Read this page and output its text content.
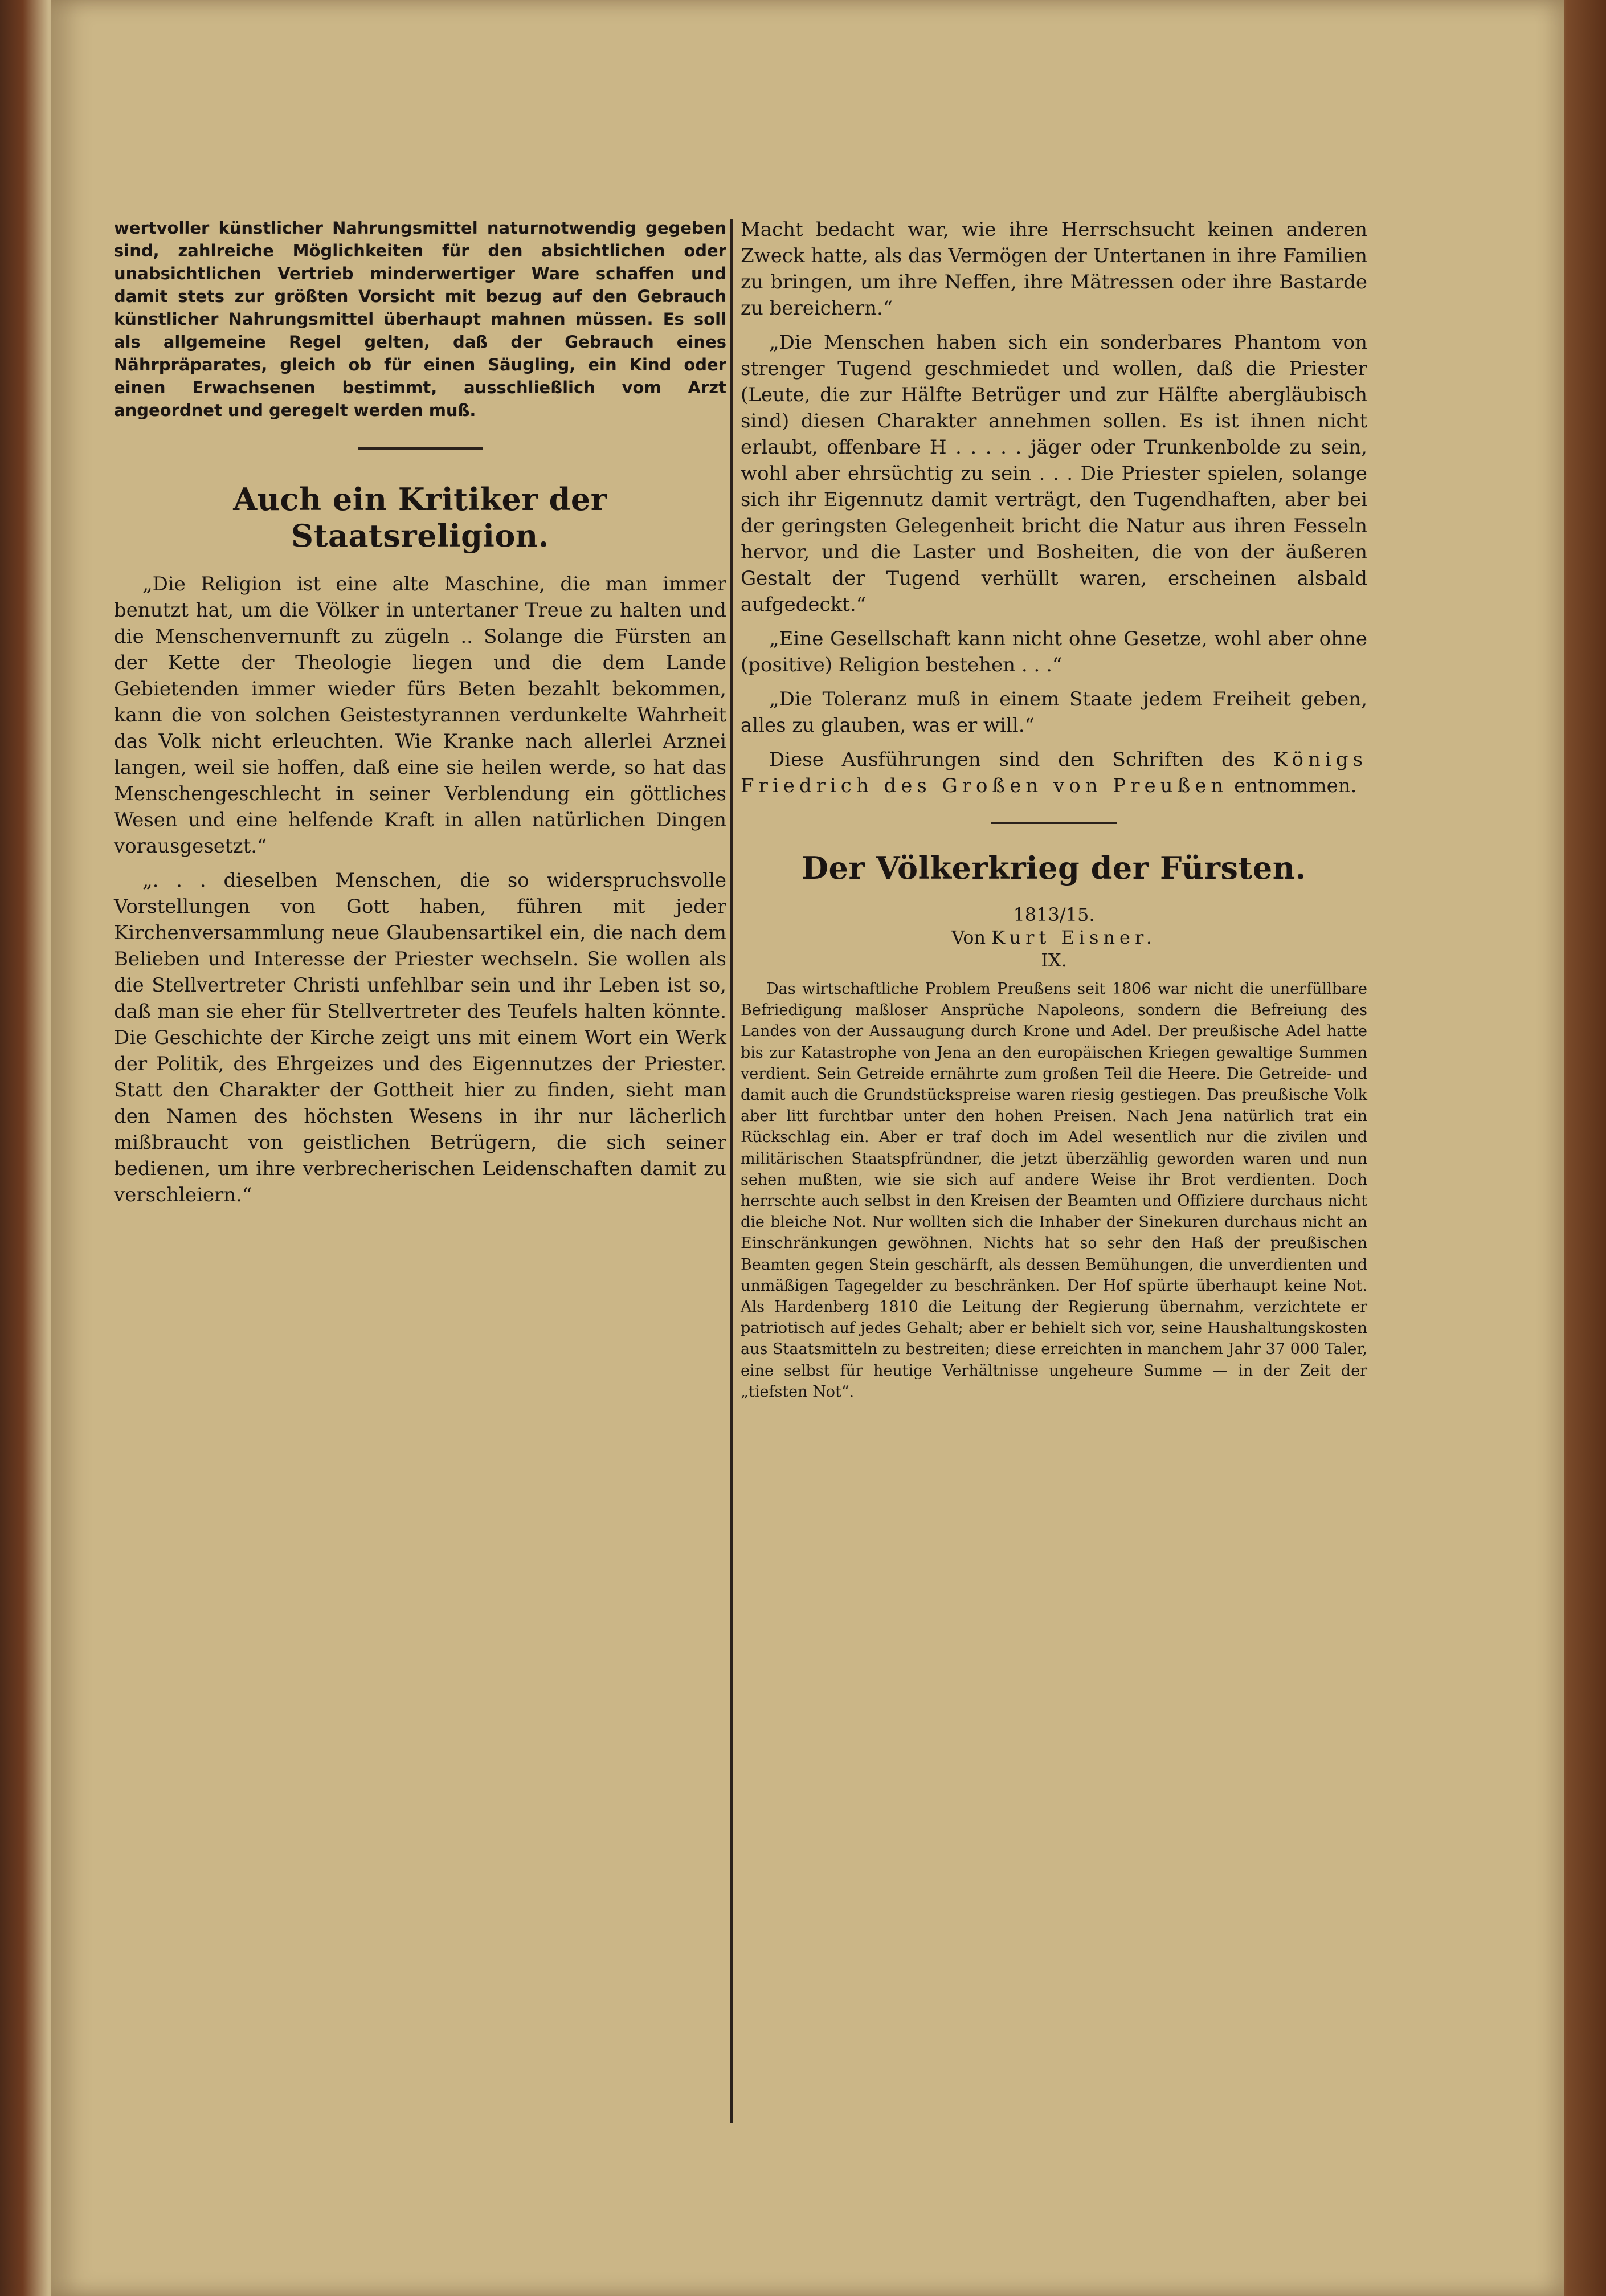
wertvoller künstlicher Nahrungsmittel naturnotwendig gegeben sind, zahlreiche Möglichkeiten für den absichtlichen oder unabsichtlichen Vertrieb minderwertiger Ware schaffen und damit stets zur größten Vorsicht mit bezug auf den Gebrauch künstlicher Nahrungsmittel überhaupt mahnen müssen. Es soll als allgemeine Regel gelten, daß der Gebrauch eines Nährpräparates, gleich ob für einen Säugling, ein Kind oder einen Erwachsenen bestimmt, ausschließlich vom Arzt angeordnet und geregelt werden muß.

Auch ein Kritiker der Staatsreligion.

„Die Religion ist eine alte Maschine, die man immer benutzt hat, um die Völker in untertaner Treue zu halten und die Menschenvernunft zu zügeln .. Solange die Fürsten an der Kette der Theologie liegen und die dem Lande Gebietenden immer wieder fürs Beten bezahlt bekommen, kann die von solchen Geistestyrannen verdunkelte Wahrheit das Volk nicht erleuchten. Wie Kranke nach allerlei Arznei langen, weil sie hoffen, daß eine sie heilen werde, so hat das Menschengeschlecht in seiner Verblendung ein göttliches Wesen und eine helfende Kraft in allen natürlichen Dingen vorausgesetzt.“

„. . . dieselben Menschen, die so widerspruchsvolle Vorstellungen von Gott haben, führen mit jeder Kirchenversammlung neue Glaubensartikel ein, die nach dem Belieben und Interesse der Priester wechseln. Sie wollen als die Stellvertreter Christi unfehlbar sein und ihr Leben ist so, daß man sie eher für Stellvertreter des Teufels halten könnte. Die Geschichte der Kirche zeigt uns mit einem Wort ein Werk der Politik, des Ehrgeizes und des Eigennutzes der Priester. Statt den Charakter der Gottheit hier zu finden, sieht man den Namen des höchsten Wesens in ihr nur lächerlich mißbraucht von geistlichen Betrügern, die sich seiner bedienen, um ihre verbrecherischen Leidenschaften damit zu verschleiern.“

Macht bedacht war, wie ihre Herrschsucht keinen anderen Zweck hatte, als das Vermögen der Untertanen in ihre Familien zu bringen, um ihre Neffen, ihre Mätressen oder ihre Bastarde zu bereichern.“

„Die Menschen haben sich ein sonderbares Phantom von strenger Tugend geschmiedet und wollen, daß die Priester (Leute, die zur Hälfte Betrüger und zur Hälfte abergläubisch sind) diesen Charakter annehmen sollen. Es ist ihnen nicht erlaubt, offenbare H . . . . . jäger oder Trunkenbolde zu sein, wohl aber ehrsüchtig zu sein . . . Die Priester spielen, solange sich ihr Eigennutz damit verträgt, den Tugendhaften, aber bei der geringsten Gelegenheit bricht die Natur aus ihren Fesseln hervor, und die Laster und Bosheiten, die von der äußeren Gestalt der Tugend verhüllt waren, erscheinen alsbald aufgedeckt.“

„Eine Gesellschaft kann nicht ohne Gesetze, wohl aber ohne (positive) Religion bestehen . . .“

„Die Toleranz muß in einem Staate jedem Freiheit geben, alles zu glauben, was er will.“

Diese Ausführungen sind den Schriften des Königs Friedrich des Großen von Preußen entnommen.

Der Völkerkrieg der Fürsten.

1813/15.

Von Kurt Eisner.

IX.

Das wirtschaftliche Problem Preußens seit 1806 war nicht die unerfüllbare Befriedigung maßloser Ansprüche Napoleons, sondern die Befreiung des Landes von der Aussaugung durch Krone und Adel. Der preußische Adel hatte bis zur Katastrophe von Jena an den europäischen Kriegen gewaltige Summen verdient. Sein Getreide ernährte zum großen Teil die Heere. Die Getreide- und damit auch die Grundstückspreise waren riesig gestiegen. Das preußische Volk aber litt furchtbar unter den hohen Preisen. Nach Jena natürlich trat ein Rückschlag ein. Aber er traf doch im Adel wesentlich nur die zivilen und militärischen Staatspfründner, die jetzt überzählig geworden waren und nun sehen mußten, wie sie sich auf andere Weise ihr Brot verdienten. Doch herrschte auch selbst in den Kreisen der Beamten und Offiziere durchaus nicht die bleiche Not. Nur wollten sich die Inhaber der Sinekuren durchaus nicht an Einschränkungen gewöhnen. Nichts hat so sehr den Haß der preußischen Beamten gegen Stein geschärft, als dessen Bemühungen, die unverdienten und unmäßigen Tagegelder zu beschränken. Der Hof spürte überhaupt keine Not. Als Hardenberg 1810 die Leitung der Regierung übernahm, verzichtete er patriotisch auf jedes Gehalt; aber er behielt sich vor, seine Haushaltungskosten aus Staatsmitteln zu bestreiten; diese erreichten in manchem Jahr 37 000 Taler, eine selbst für heutige Verhältnisse ungeheure Summe — in der Zeit der „tiefsten Not“.
